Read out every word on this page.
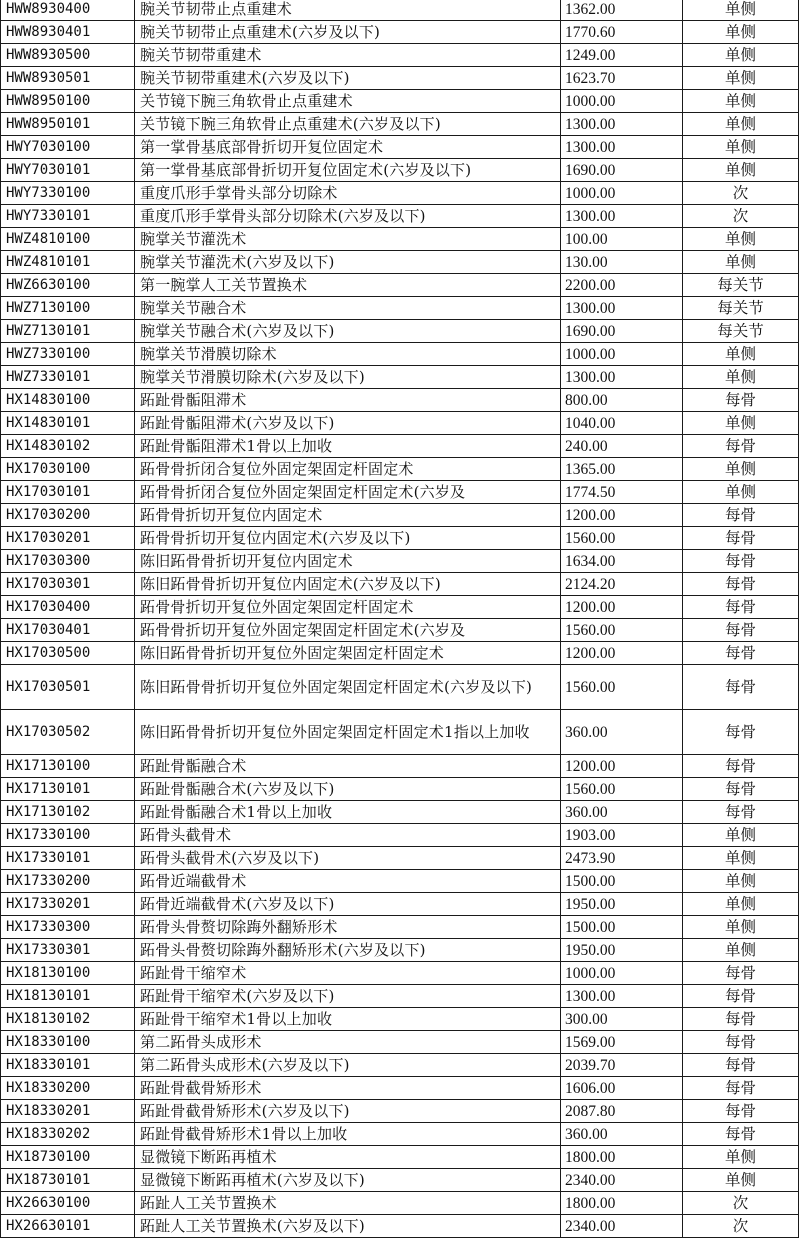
HWW8930400	腕关节韧带止点重建术	1362.00	单侧
HWW8930401	腕关节韧带止点重建术(六岁及以下)	1770.60	单侧
HWW8930500	腕关节韧带重建术	1249.00	单侧
HWW8930501	腕关节韧带重建术(六岁及以下)	1623.70	单侧
HWW8950100	关节镜下腕三角软骨止点重建术	1000.00	单侧
HWW8950101	关节镜下腕三角软骨止点重建术(六岁及以下)	1300.00	单侧
HWY7030100	第一掌骨基底部骨折切开复位固定术	1300.00	单侧
HWY7030101	第一掌骨基底部骨折切开复位固定术(六岁及以下)	1690.00	单侧
HWY7330100	重度爪形手掌骨头部分切除术	1000.00	次
HWY7330101	重度爪形手掌骨头部分切除术(六岁及以下)	1300.00	次
HWZ4810100	腕掌关节灌洗术	100.00	单侧
HWZ4810101	腕掌关节灌洗术(六岁及以下)	130.00	单侧
HWZ6630100	第一腕掌人工关节置换术	2200.00	每关节
HWZ7130100	腕掌关节融合术	1300.00	每关节
HWZ7130101	腕掌关节融合术(六岁及以下)	1690.00	每关节
HWZ7330100	腕掌关节滑膜切除术	1000.00	单侧
HWZ7330101	腕掌关节滑膜切除术(六岁及以下)	1300.00	单侧
HX14830100	跖趾骨骺阻滞术	800.00	每骨
HX14830101	跖趾骨骺阻滞术(六岁及以下)	1040.00	单侧
HX14830102	跖趾骨骺阻滞术1骨以上加收	240.00	每骨
HX17030100	跖骨骨折闭合复位外固定架固定杆固定术	1365.00	单侧
HX17030101	跖骨骨折闭合复位外固定架固定杆固定术(六岁及	1774.50	单侧
HX17030200	跖骨骨折切开复位内固定术	1200.00	每骨
HX17030201	跖骨骨折切开复位内固定术(六岁及以下)	1560.00	每骨
HX17030300	陈旧跖骨骨折切开复位内固定术	1634.00	每骨
HX17030301	陈旧跖骨骨折切开复位内固定术(六岁及以下)	2124.20	每骨
HX17030400	跖骨骨折切开复位外固定架固定杆固定术	1200.00	每骨
HX17030401	跖骨骨折切开复位外固定架固定杆固定术(六岁及	1560.00	每骨
HX17030500	陈旧跖骨骨折切开复位外固定架固定杆固定术	1200.00	每骨
HX17030501	陈旧跖骨骨折切开复位外固定架固定杆固定术(六岁及以下)	1560.00	每骨
HX17030502	陈旧跖骨骨折切开复位外固定架固定杆固定术1指以上加收	360.00	每骨
HX17130100	跖趾骨骺融合术	1200.00	每骨
HX17130101	跖趾骨骺融合术(六岁及以下)	1560.00	每骨
HX17130102	跖趾骨骺融合术1骨以上加收	360.00	每骨
HX17330100	跖骨头截骨术	1903.00	单侧
HX17330101	跖骨头截骨术(六岁及以下)	2473.90	单侧
HX17330200	跖骨近端截骨术	1500.00	单侧
HX17330201	跖骨近端截骨术(六岁及以下)	1950.00	单侧
HX17330300	跖骨头骨赘切除踇外翻矫形术	1500.00	单侧
HX17330301	跖骨头骨赘切除踇外翻矫形术(六岁及以下)	1950.00	单侧
HX18130100	跖趾骨干缩窄术	1000.00	每骨
HX18130101	跖趾骨干缩窄术(六岁及以下)	1300.00	每骨
HX18130102	跖趾骨干缩窄术1骨以上加收	300.00	每骨
HX18330100	第二跖骨头成形术	1569.00	每骨
HX18330101	第二跖骨头成形术(六岁及以下)	2039.70	每骨
HX18330200	跖趾骨截骨矫形术	1606.00	每骨
HX18330201	跖趾骨截骨矫形术(六岁及以下)	2087.80	每骨
HX18330202	跖趾骨截骨矫形术1骨以上加收	360.00	每骨
HX18730100	显微镜下断跖再植术	1800.00	单侧
HX18730101	显微镜下断跖再植术(六岁及以下)	2340.00	单侧
HX26630100	跖趾人工关节置换术	1800.00	次
HX26630101	跖趾人工关节置换术(六岁及以下)	2340.00	次
